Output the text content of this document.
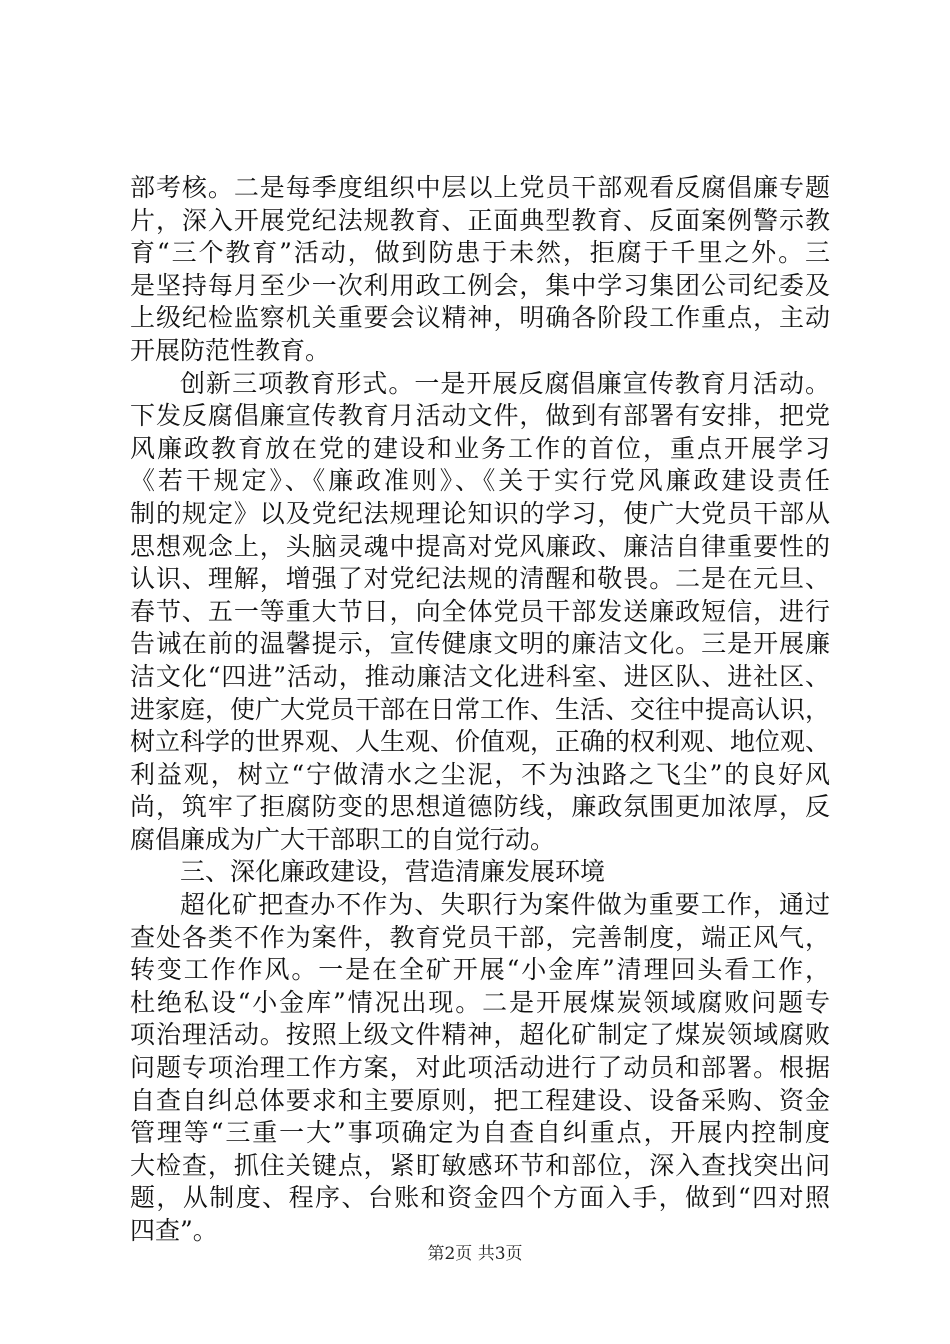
部考核。二是每季度组织中层以上党员干部观看反腐倡廉专题
片，深入开展党纪法规教育、正面典型教育、反面案例警示教
育“三个教育”活动，做到防患于未然，拒腐于千里之外。三
是坚持每月至少一次利用政工例会，集中学习集团公司纪委及
上级纪检监察机关重要会议精神，明确各阶段工作重点，主动
开展防范性教育。
创新三项教育形式。一是开展反腐倡廉宣传教育月活动。
下发反腐倡廉宣传教育月活动文件，做到有部署有安排，把党
风廉政教育放在党的建设和业务工作的首位，重点开展学习
《若干规定》、《廉政准则》、《关于实行党风廉政建设责任
制的规定》以及党纪法规理论知识的学习，使广大党员干部从
思想观念上，头脑灵魂中提高对党风廉政、廉洁自律重要性的
认识、理解，增强了对党纪法规的清醒和敬畏。二是在元旦、
春节、五一等重大节日，向全体党员干部发送廉政短信，进行
告诫在前的温馨提示，宣传健康文明的廉洁文化。三是开展廉
洁文化“四进”活动，推动廉洁文化进科室、进区队、进社区、
进家庭，使广大党员干部在日常工作、生活、交往中提高认识，
树立科学的世界观、人生观、价值观，正确的权利观、地位观、
利益观，树立“宁做清水之尘泥，不为浊路之飞尘”的良好风
尚，筑牢了拒腐防变的思想道德防线，廉政氛围更加浓厚，反
腐倡廉成为广大干部职工的自觉行动。
三、深化廉政建设，营造清廉发展环境
超化矿把查办不作为、失职行为案件做为重要工作，通过
查处各类不作为案件，教育党员干部，完善制度，端正风气，
转变工作作风。一是在全矿开展“小金库”清理回头看工作，
杜绝私设“小金库”情况出现。二是开展煤炭领域腐败问题专
项治理活动。按照上级文件精神，超化矿制定了煤炭领域腐败
问题专项治理工作方案，对此项活动进行了动员和部署。根据
自查自纠总体要求和主要原则，把工程建设、设备采购、资金
管理等“三重一大”事项确定为自查自纠重点，开展内控制度
大检查，抓住关键点，紧盯敏感环节和部位，深入查找突出问
题，从制度、程序、台账和资金四个方面入手，做到“四对照
四查”。
第2页 共3页
